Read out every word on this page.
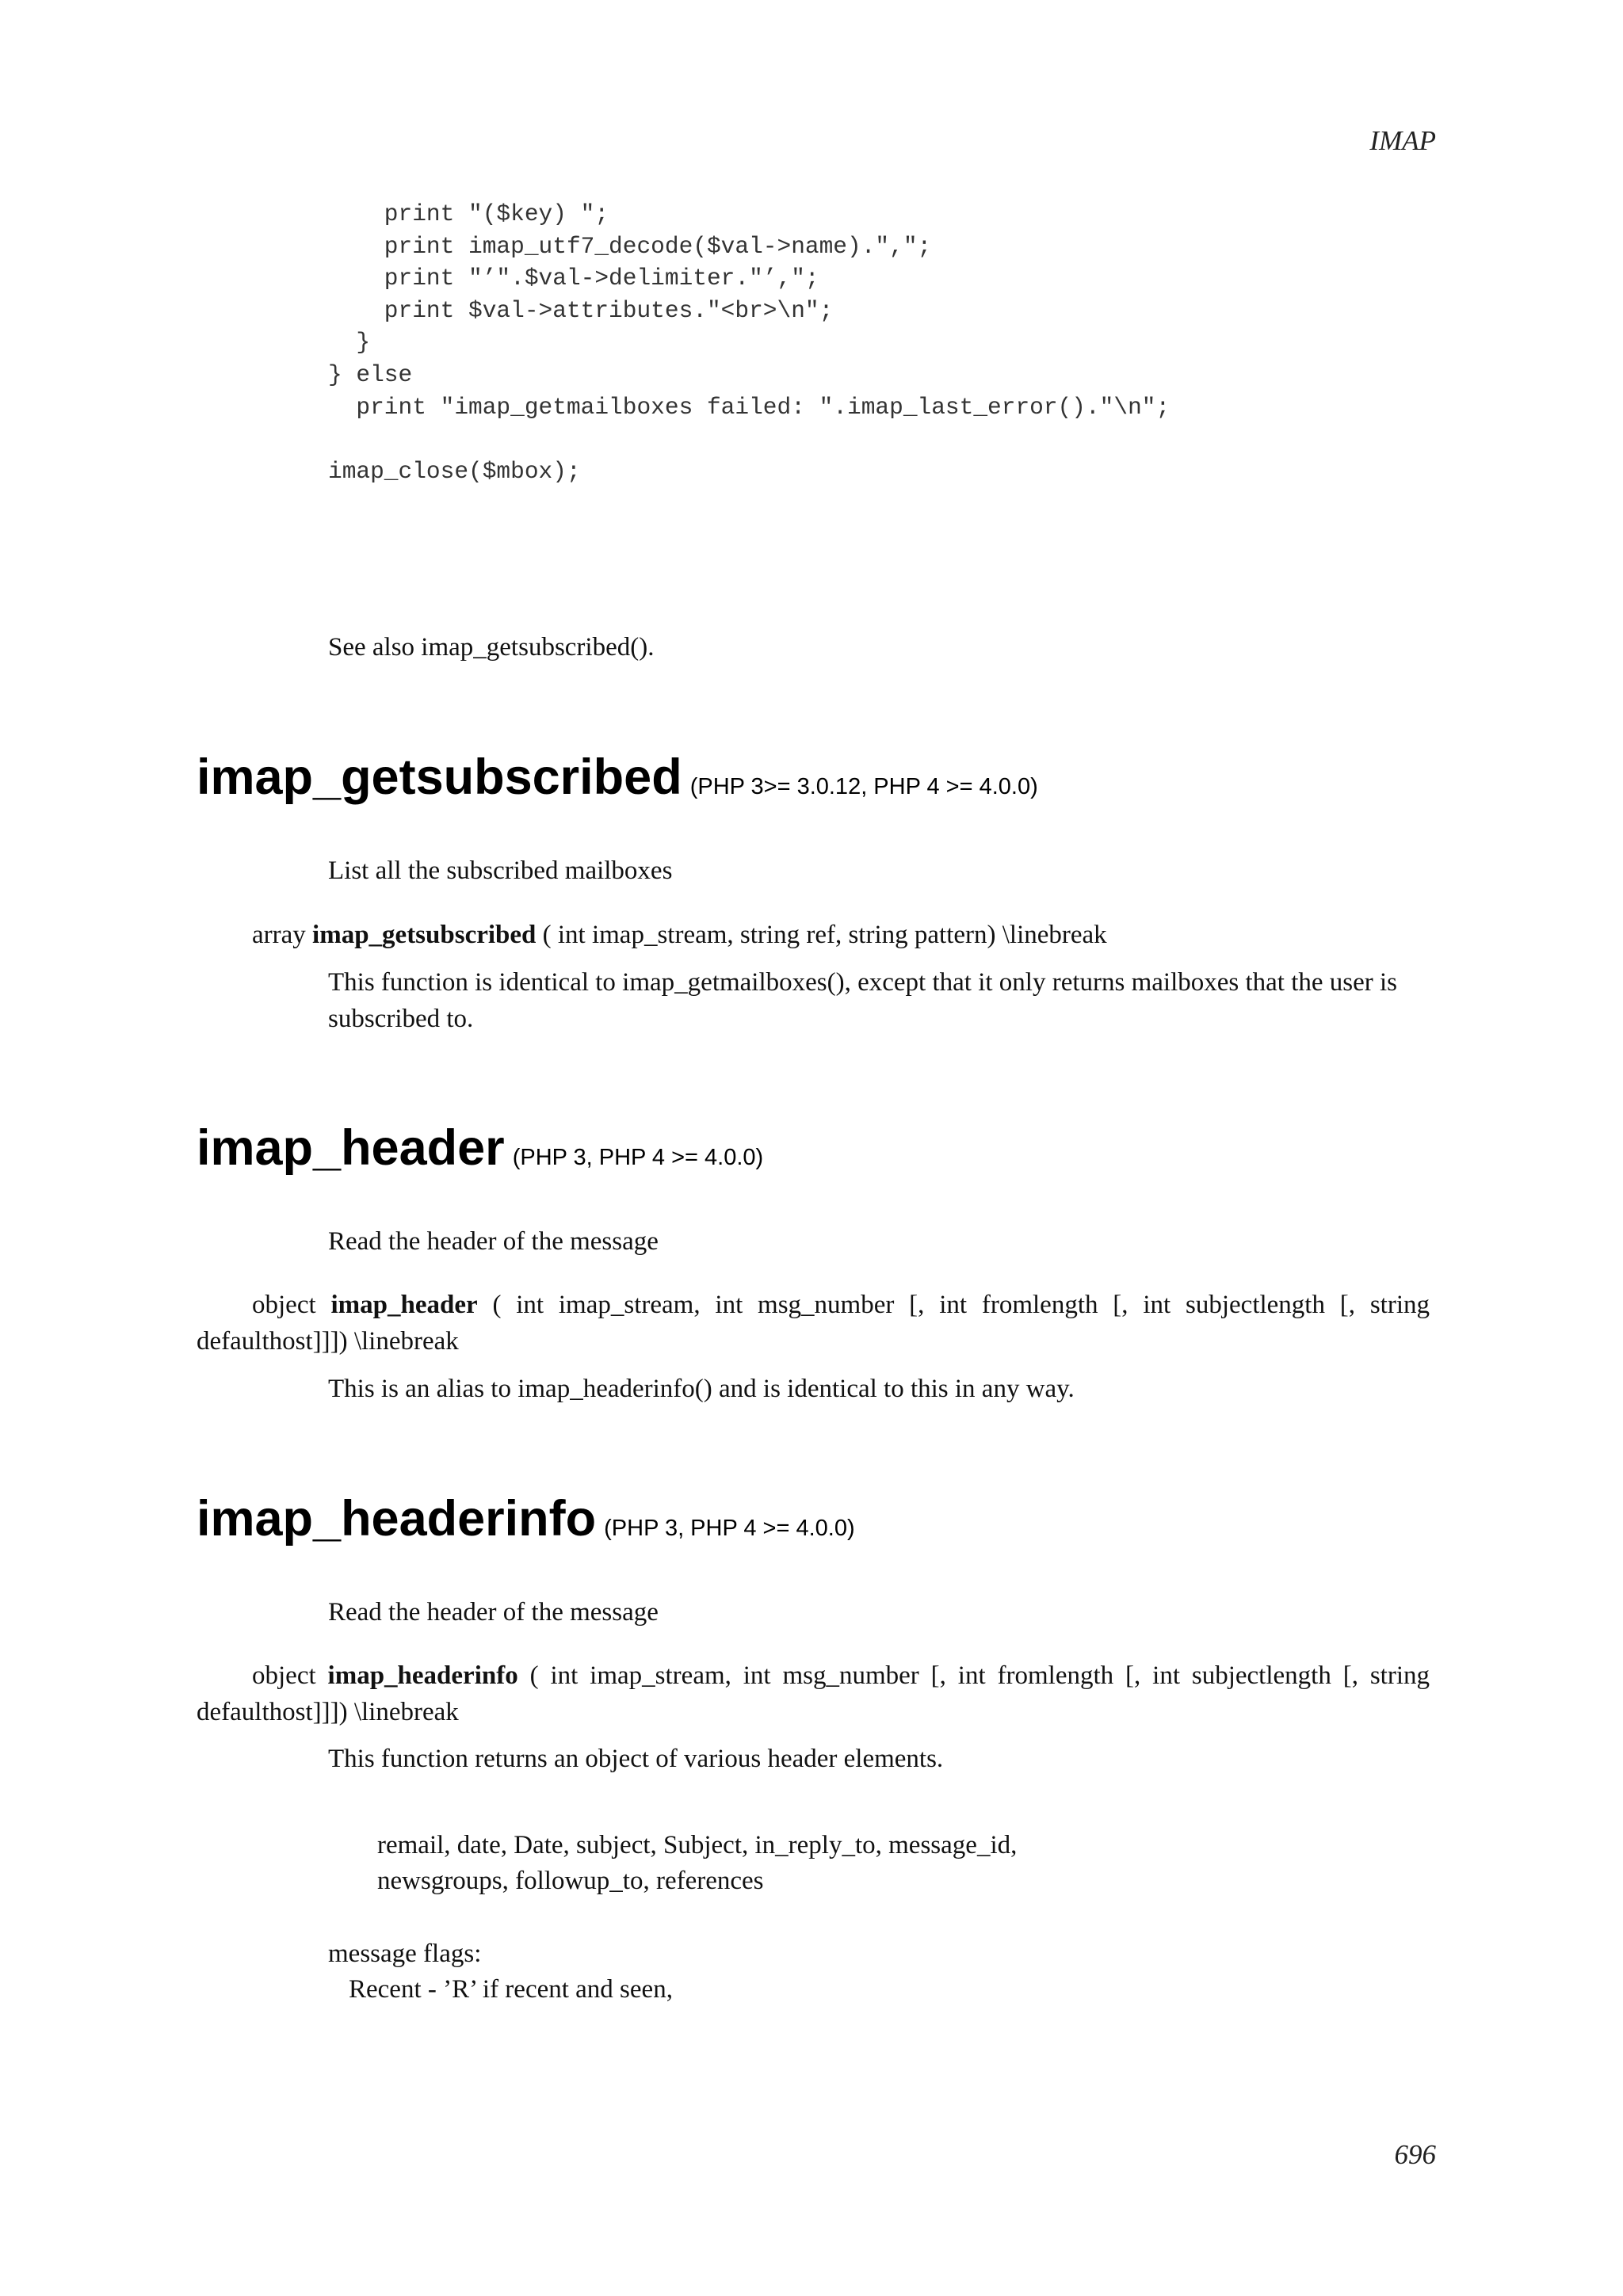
IMAP
print "($key) ";
print imap_utf7_decode($val->name).",";
print "’".$val->delimiter."’,";
print $val->attributes."<br>\n";
}
} else
print "imap_getmailboxes failed: ".imap_last_error()."\n";

imap_close($mbox);
See also imap_getsubscribed().
imap_getsubscribed (PHP 3>= 3.0.12, PHP 4 >= 4.0.0)
List all the subscribed mailboxes
array imap_getsubscribed ( int imap_stream, string ref, string pattern) \linebreak
This function is identical to imap_getmailboxes(), except that it only returns mailboxes that the user is subscribed to.
imap_header (PHP 3, PHP 4 >= 4.0.0)
Read the header of the message
object imap_header ( int imap_stream, int msg_number [, int fromlength [, int subjectlength [, string defaulthost]]]) \linebreak
This is an alias to imap_headerinfo() and is identical to this in any way.
imap_headerinfo (PHP 3, PHP 4 >= 4.0.0)
Read the header of the message
object imap_headerinfo ( int imap_stream, int msg_number [, int fromlength [, int subjectlength [, string defaulthost]]]) \linebreak
This function returns an object of various header elements.
remail, date, Date, subject, Subject, in_reply_to, message_id,
newsgroups, followup_to, references
message flags:
Recent - ’R’ if recent and seen,
696
